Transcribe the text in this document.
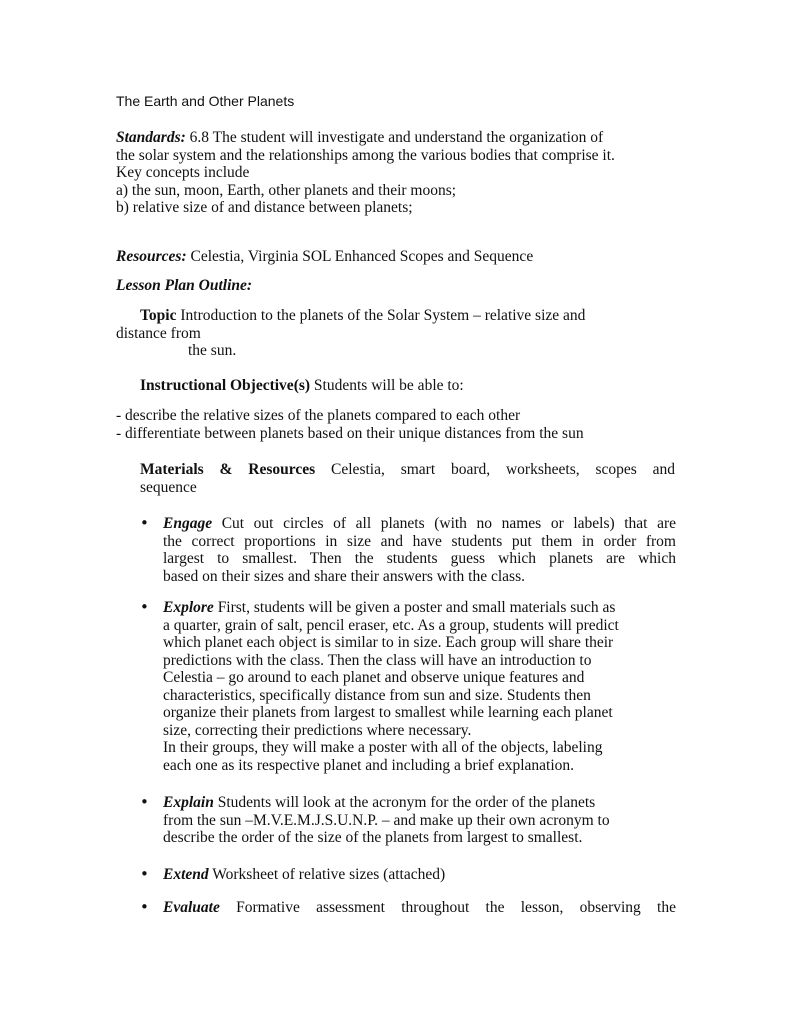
The Earth and Other Planets
Standards: 6.8 The student will investigate and understand the organization of
the solar system and the relationships among the various bodies that comprise it.
Key concepts include
a) the sun, moon, Earth, other planets and their moons;
b) relative size of and distance between planets;
Resources: Celestia, Virginia SOL Enhanced Scopes and Sequence
Lesson Plan Outline:
Topic Introduction to the planets of the Solar System – relative size and
distance from
the sun.
Instructional Objective(s) Students will be able to:
- describe the relative sizes of the planets compared to each other
- differentiate between planets based on their unique distances from the sun
Materials & Resources Celestia, smart board, worksheets, scopes and
sequence
• Engage Cut out circles of all planets (with no names or labels) that are
the correct proportions in size and have students put them in order from
largest to smallest. Then the students guess which planets are which
based on their sizes and share their answers with the class.
• Explore First, students will be given a poster and small materials such as
a quarter, grain of salt, pencil eraser, etc. As a group, students will predict
which planet each object is similar to in size. Each group will share their
predictions with the class. Then the class will have an introduction to
Celestia – go around to each planet and observe unique features and
characteristics, specifically distance from sun and size. Students then
organize their planets from largest to smallest while learning each planet
size, correcting their predictions where necessary.
In their groups, they will make a poster with all of the objects, labeling
each one as its respective planet and including a brief explanation.
• Explain Students will look at the acronym for the order of the planets
from the sun –M.V.E.M.J.S.U.N.P. – and make up their own acronym to
describe the order of the size of the planets from largest to smallest.
• Extend Worksheet of relative sizes (attached)
• Evaluate Formative assessment throughout the lesson, observing the
